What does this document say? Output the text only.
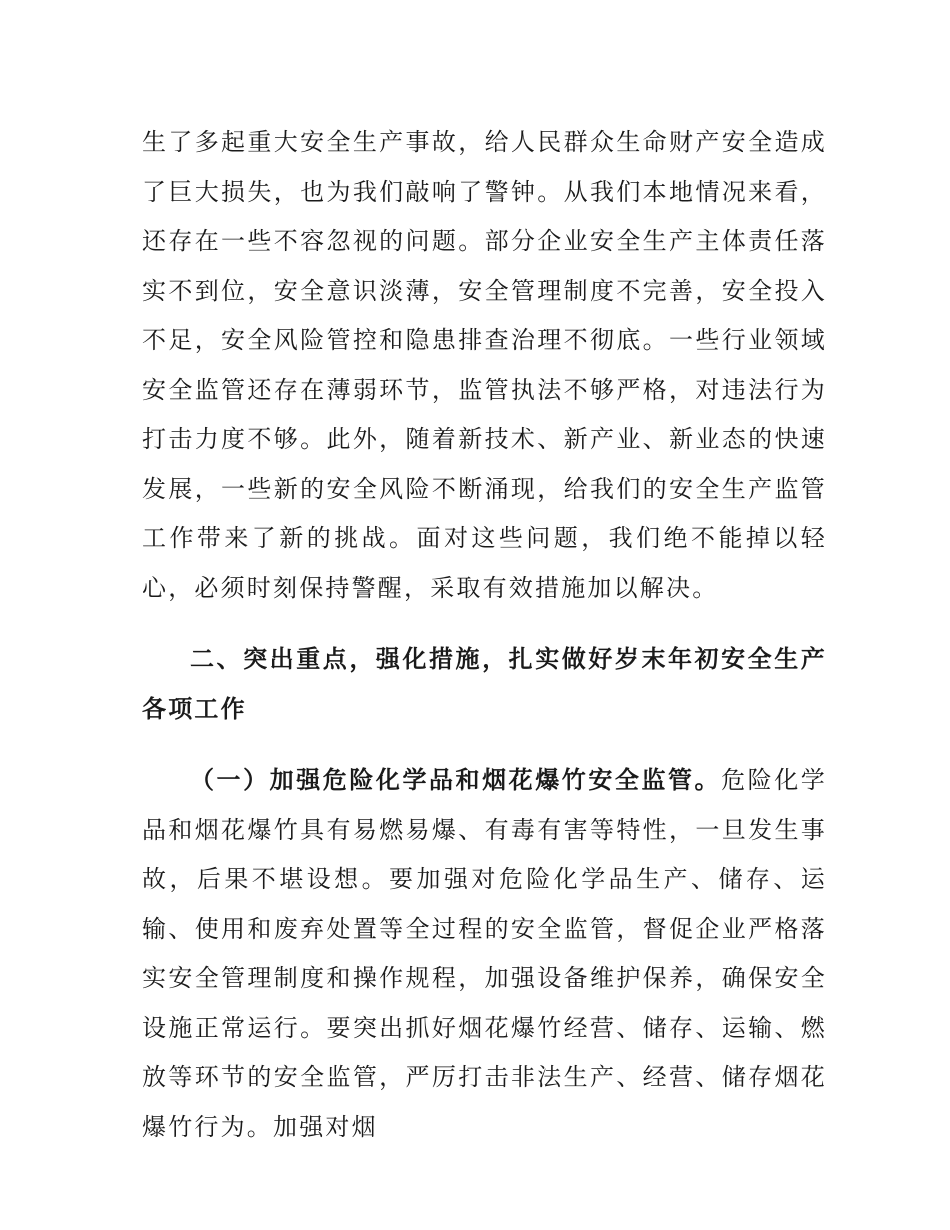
生了多起重大安全生产事故，给人民群众生命财产安全造成了巨大损失，也为我们敲响了警钟。从我们本地情况来看，还存在一些不容忽视的问题。部分企业安全生产主体责任落实不到位，安全意识淡薄，安全管理制度不完善，安全投入不足，安全风险管控和隐患排查治理不彻底。一些行业领域安全监管还存在薄弱环节，监管执法不够严格，对违法行为打击力度不够。此外，随着新技术、新产业、新业态的快速发展，一些新的安全风险不断涌现，给我们的安全生产监管工作带来了新的挑战。面对这些问题，我们绝不能掉以轻心，必须时刻保持警醒，采取有效措施加以解决。

二、突出重点，强化措施，扎实做好岁末年初安全生产各项工作

（一）加强危险化学品和烟花爆竹安全监管。危险化学品和烟花爆竹具有易燃易爆、有毒有害等特性，一旦发生事故，后果不堪设想。要加强对危险化学品生产、储存、运输、使用和废弃处置等全过程的安全监管，督促企业严格落实安全管理制度和操作规程，加强设备维护保养，确保安全设施正常运行。要突出抓好烟花爆竹经营、储存、运输、燃放等环节的安全监管，严厉打击非法生产、经营、储存烟花爆竹行为。加强对烟
